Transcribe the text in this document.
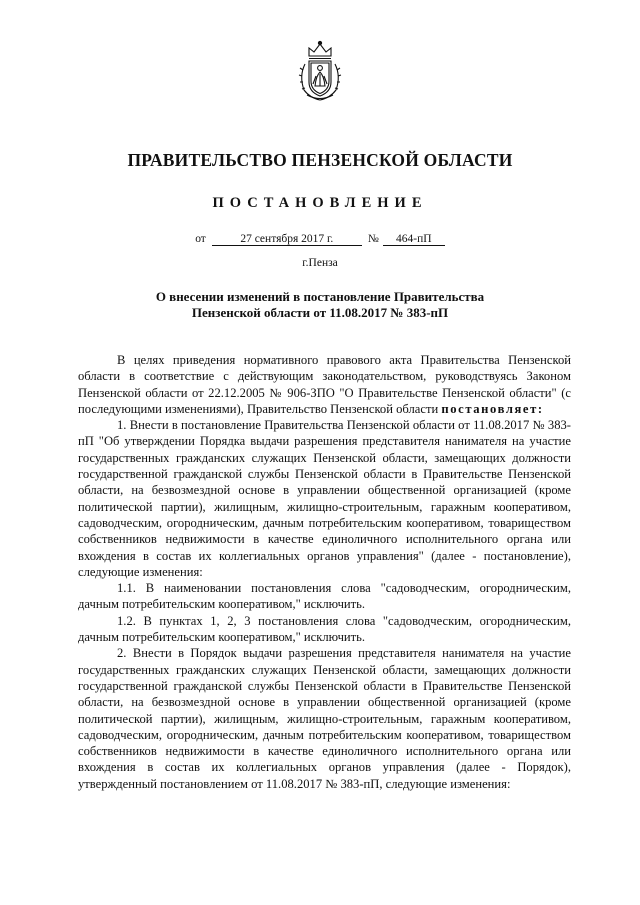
ПРАВИТЕЛЬСТВО ПЕНЗЕНСКОЙ ОБЛАСТИ
ПОСТАНОВЛЕНИЕ
от	27 сентября 2017 г.	№ 464-пП
г.Пенза
О внесении изменений в постановление Правительства
Пензенской области от 11.08.2017 № 383-пП

В целях приведения нормативного правового акта Правительства Пензенской области в соответствие с действующим законодательством, руководствуясь Законом Пензенской области от 22.12.2005 № 906-ЗПО "О Правительстве Пензенской области" (с последующими изменениями), Правительство Пензенской области постановляет:

1. Внести в постановление Правительства Пензенской области от 11.08.2017 № 383-пП "Об утверждении Порядка выдачи разрешения представителя нанимателя на участие государственных гражданских служащих Пензенской области, замещающих должности государственной гражданской службы Пензенской области в Правительстве Пензенской области, на безвозмездной основе в управлении общественной организацией (кроме политической партии), жилищным, жилищно-строительным, гаражным кооперативом, садоводческим, огородническим, дачным потребительским кооперативом, товариществом собственников недвижимости в качестве единоличного исполнительного органа или вхождения в состав их коллегиальных органов управления" (далее - постановление), следующие изменения:

1.1. В наименовании постановления слова "садоводческим, огородническим, дачным потребительским кооперативом," исключить.

1.2. В пунктах 1, 2, 3 постановления слова "садоводческим, огородническим, дачным потребительским кооперативом," исключить.

2. Внести в Порядок выдачи разрешения представителя нанимателя на участие государственных гражданских служащих Пензенской области, замещающих должности государственной гражданской службы Пензенской области в Правительстве Пензенской области, на безвозмездной основе в управлении общественной организацией (кроме политической партии), жилищным, жилищно-строительным, гаражным кооперативом, садоводческим, огородническим, дачным потребительским кооперативом, товариществом собственников недвижимости в качестве единоличного исполнительного органа или вхождения в состав их коллегиальных органов управления (далее - Порядок), утвержденный постановлением от 11.08.2017 № 383-пП, следующие изменения:
